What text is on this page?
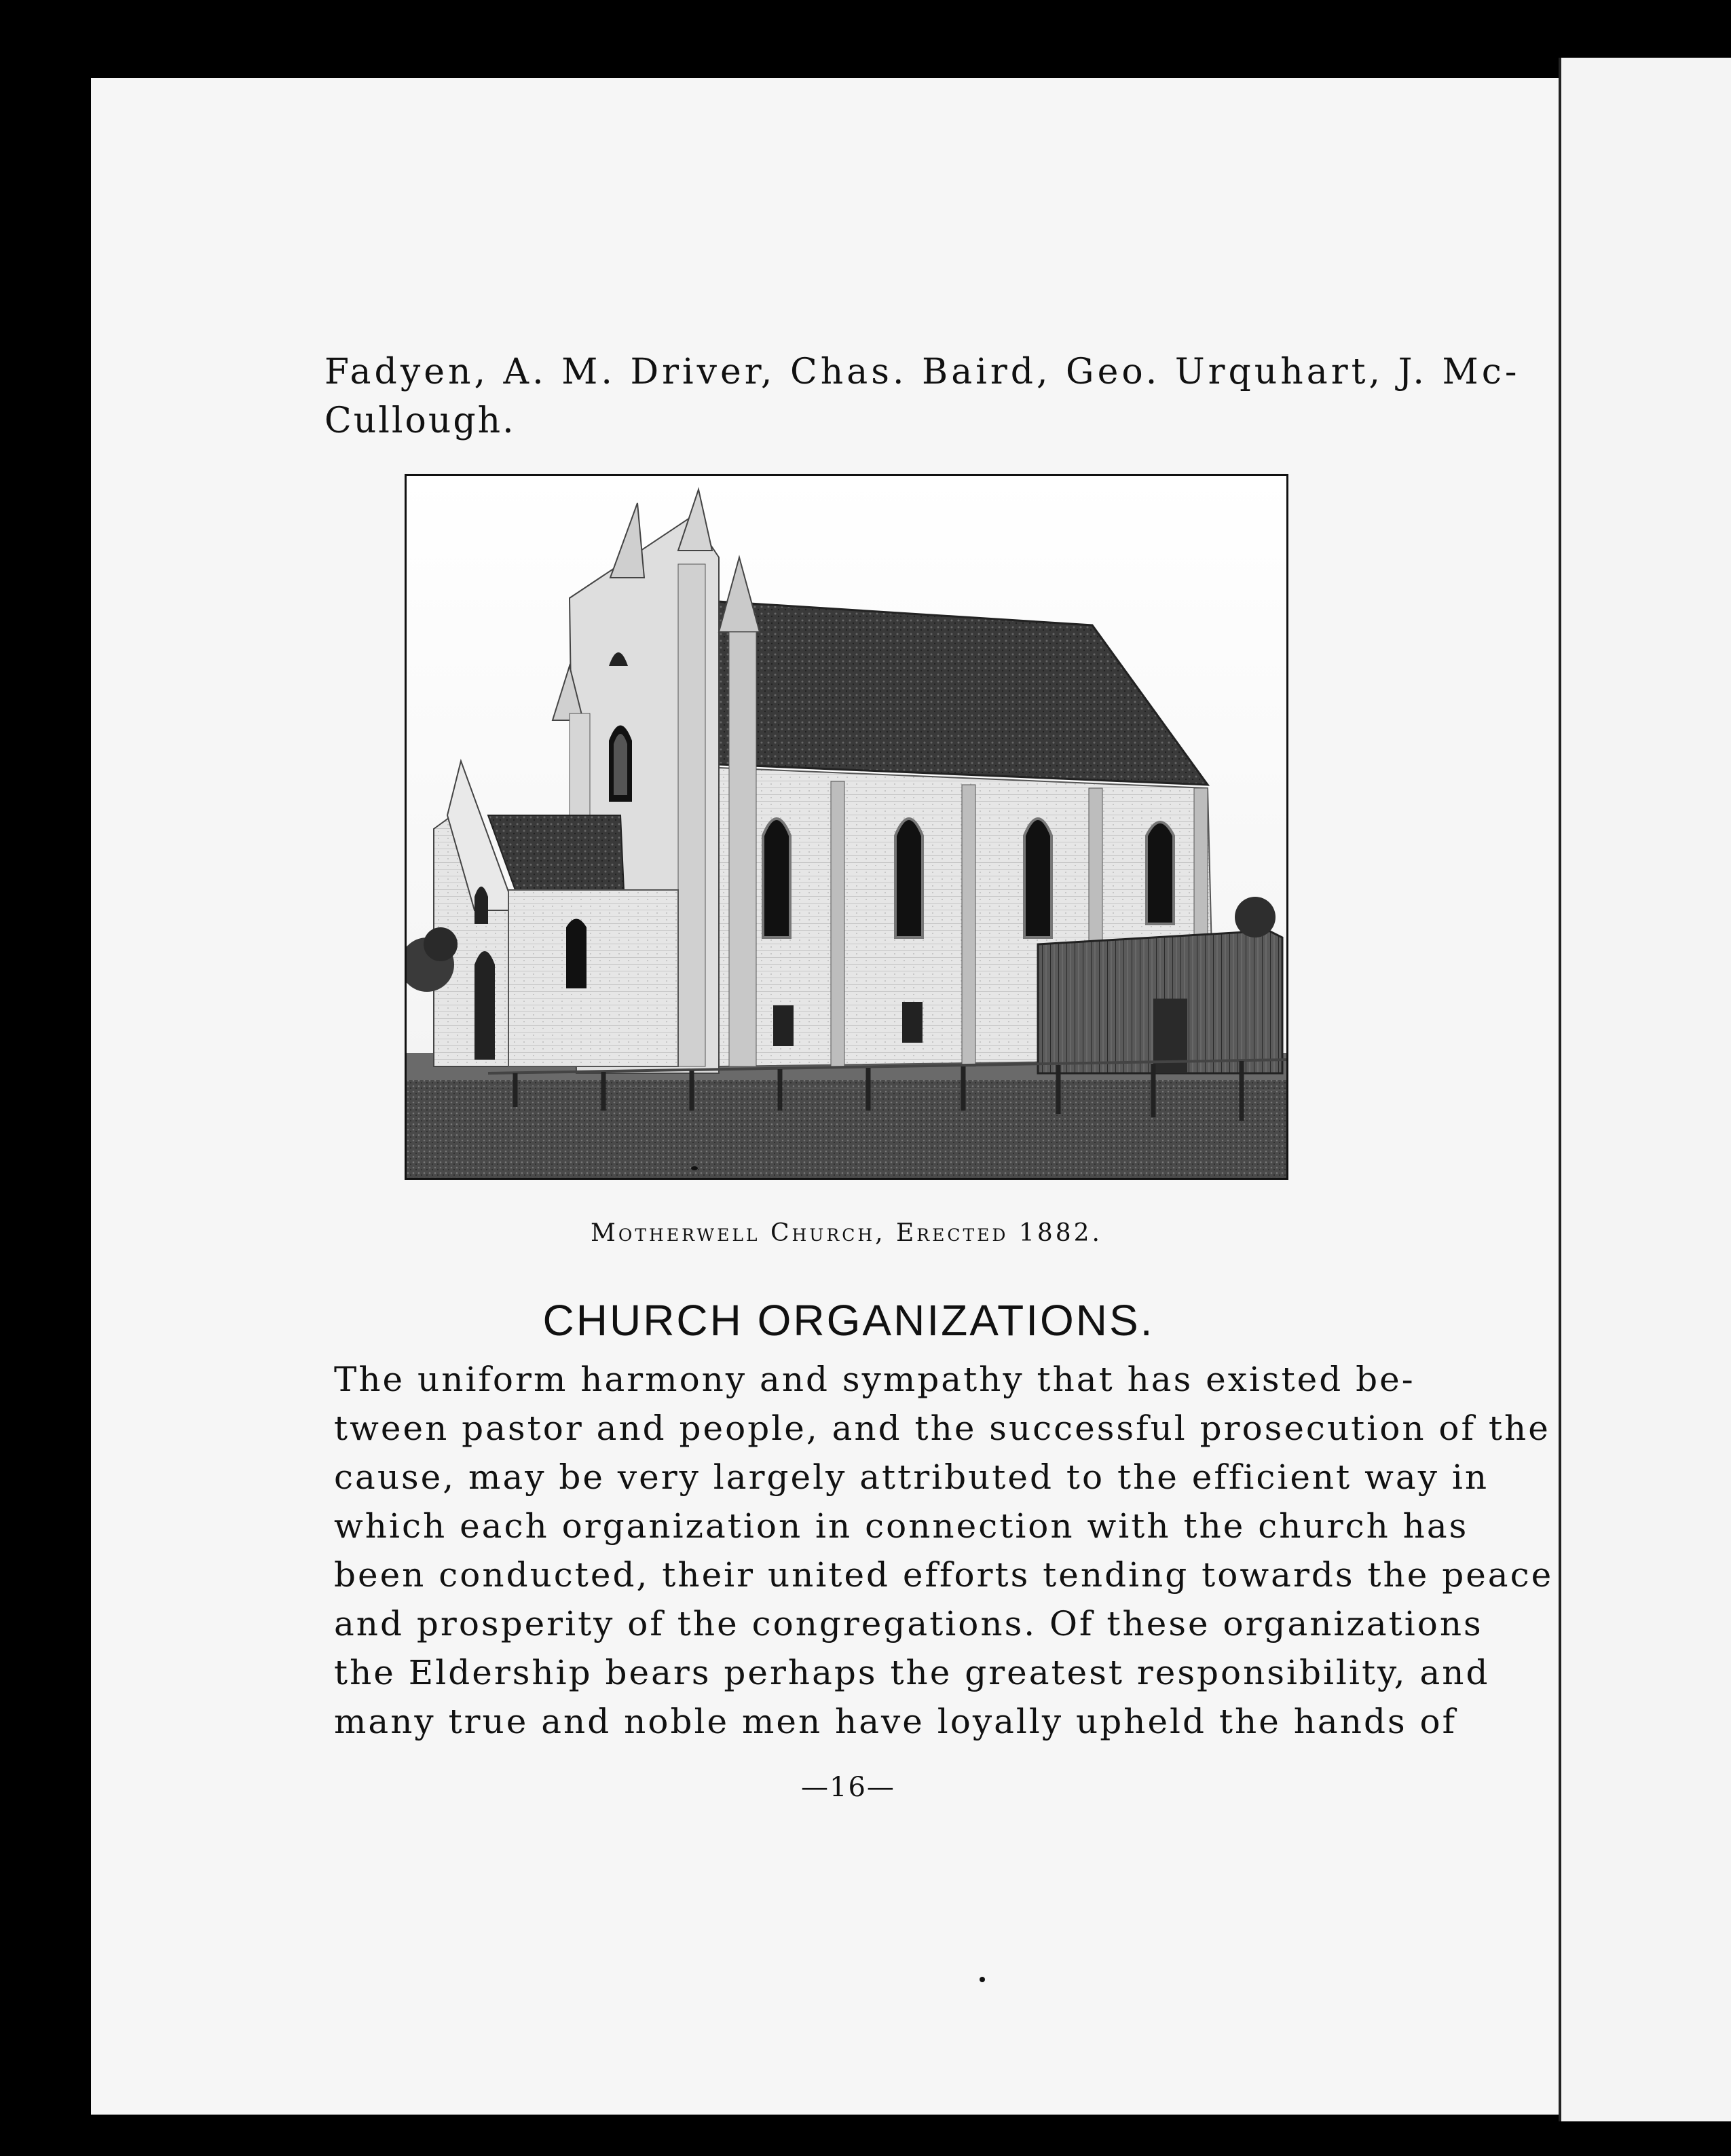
Fadyen, A. M. Driver, Chas. Baird, Geo. Urquhart, J. Mc-
Cullough.
Motherwell Church, Erected 1882.
CHURCH ORGANIZATIONS.
The uniform harmony and sympathy that has existed be-
tween pastor and people, and the successful prosecution of the
cause, may be very largely attributed to the efficient way in
which each organization in connection with the church has
been conducted, their united efforts tending towards the peace
and prosperity of the congregations. Of these organizations
the Eldership bears perhaps the greatest responsibility, and
many true and noble men have loyally upheld the hands of
—16—
